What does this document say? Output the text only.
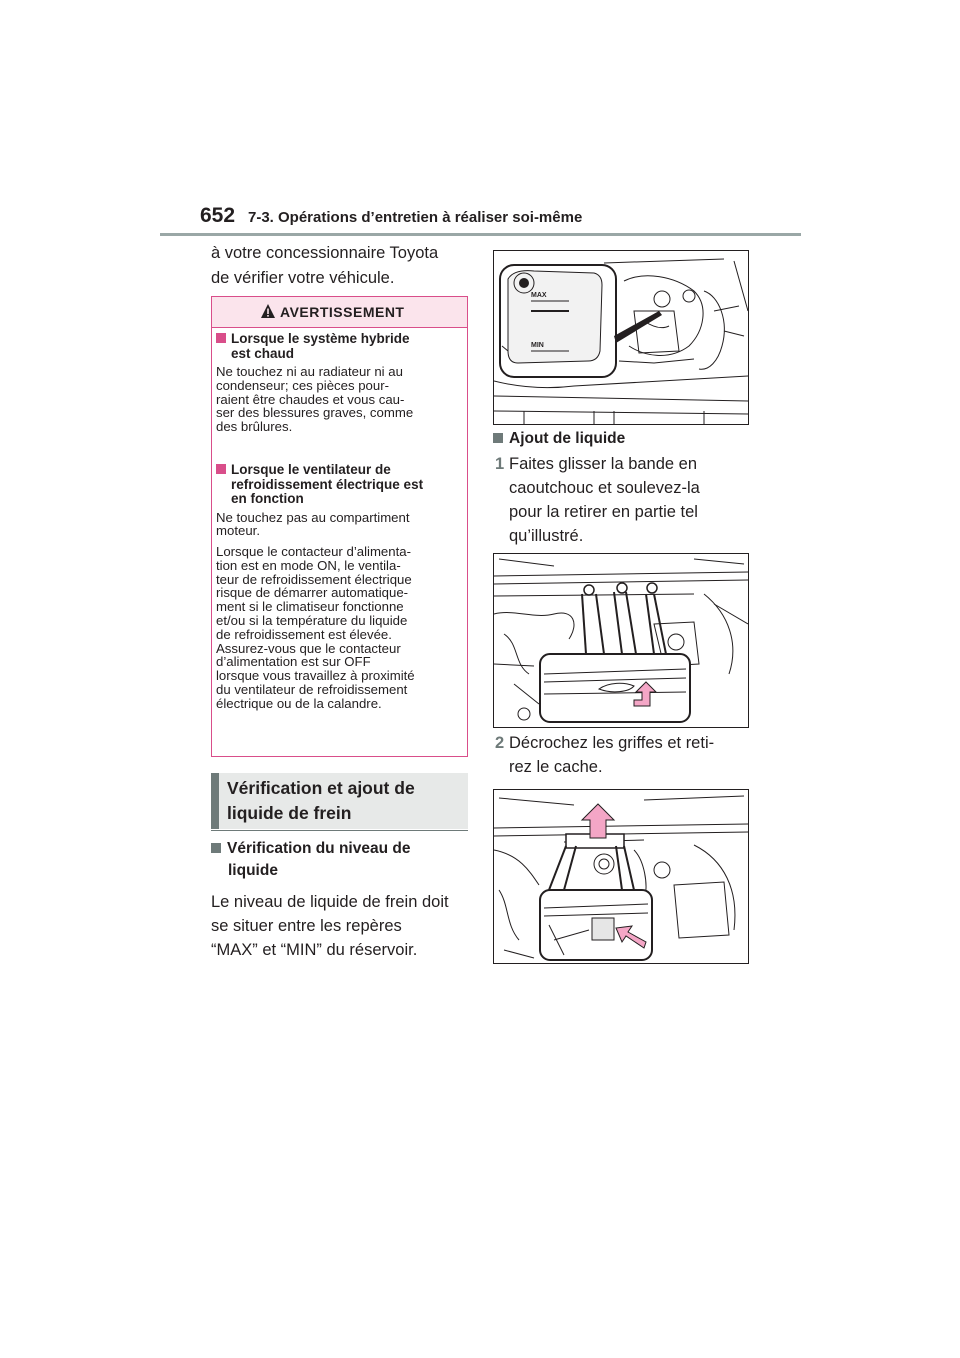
652 7-3. Opérations d’entretien à réaliser soi-même
à votre concessionnaire Toyota
de vérifier votre véhicule.
AVERTISSEMENT
Lorsque le système hybride
est chaud
Ne touchez ni au radiateur ni au
condenseur; ces pièces pour-
raient être chaudes et vous cau-
ser des blessures graves, comme
des brûlures.
Lorsque le ventilateur de
refroidissement électrique est
en fonction
Ne touchez pas au compartiment
moteur.
Lorsque le contacteur d’alimenta-
tion est en mode ON, le ventila-
teur de refroidissement électrique
risque de démarrer automatique-
ment si le climatiseur fonctionne
et/ou si la température du liquide
de refroidissement est élevée.
Assurez-vous que le contacteur
d’alimentation est sur OFF
lorsque vous travaillez à proximité
du ventilateur de refroidissement
électrique ou de la calandre.
Vérification et ajout de
liquide de frein
Vérification du niveau de
liquide
Le niveau de liquide de frein doit
se situer entre les repères
“MAX” et “MIN” du réservoir.
MAX
MIN
Ajout de liquide
1 Faites glisser la bande en
caoutchouc et soulevez-la
pour la retirer en partie tel
qu’illustré.
2 Décrochez les griffes et reti-
rez le cache.
